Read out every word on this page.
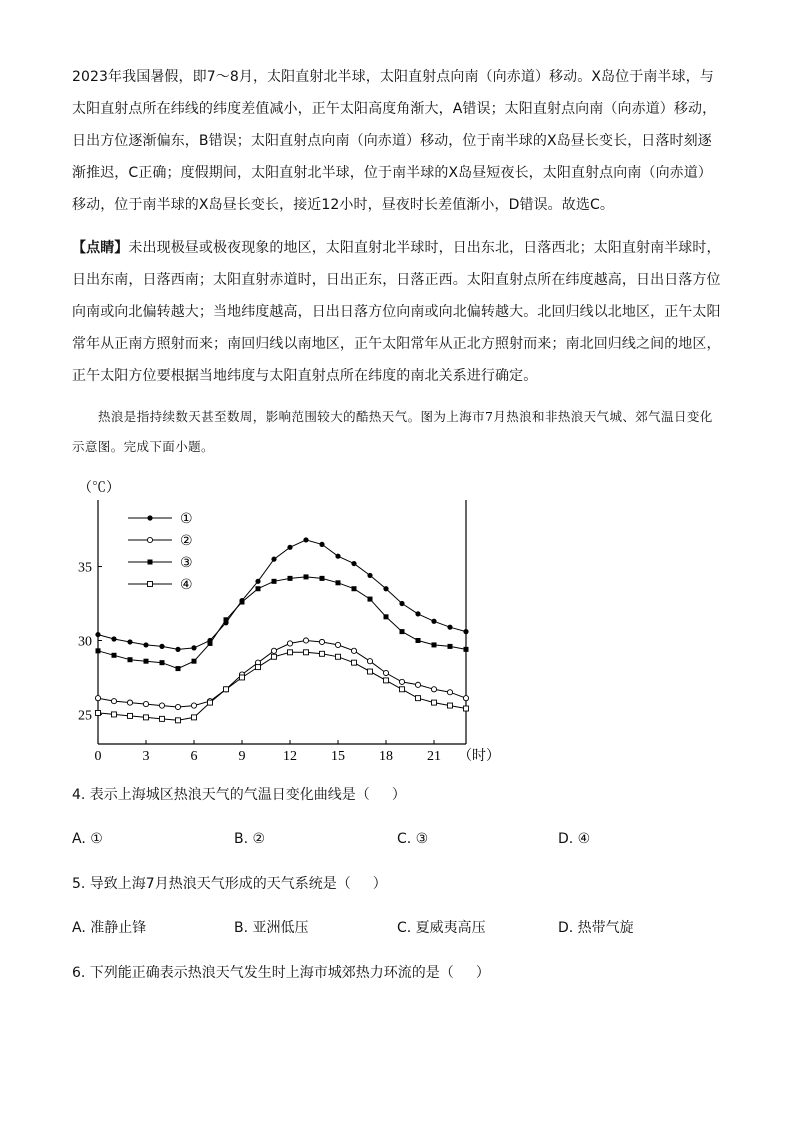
2023年我国暑假，即7～8月，太阳直射北半球，太阳直射点向南（向赤道）移动。X岛位于南半球，与太阳直射点所在纬线的纬度差值减小，正午太阳高度角渐大，A错误；太阳直射点向南（向赤道）移动，日出方位逐渐偏东，B错误；太阳直射点向南（向赤道）移动，位于南半球的X岛昼长变长，日落时刻逐渐推迟，C正确；度假期间，太阳直射北半球，位于南半球的X岛昼短夜长，太阳直射点向南（向赤道）移动，位于南半球的X岛昼长变长，接近12小时，昼夜时长差值渐小，D错误。故选C。
【点睛】未出现极昼或极夜现象的地区，太阳直射北半球时，日出东北，日落西北；太阳直射南半球时，日出东南，日落西南；太阳直射赤道时，日出正东，日落正西。太阳直射点所在纬度越高，日出日落方位向南或向北偏转越大；当地纬度越高，日出日落方位向南或向北偏转越大。北回归线以北地区，正午太阳常年从正南方照射而来；南回归线以南地区，正午太阳常年从正北方照射而来；南北回归线之间的地区，正午太阳方位要根据当地纬度与太阳直射点所在纬度的南北关系进行确定。
热浪是指持续数天甚至数周，影响范围较大的酷热天气。图为上海市7月热浪和非热浪天气城、郊气温日变化示意图。完成下面小题。
25
30
35
0	3	6	9	12 15 18 21
（℃）
（时）
①
②
③
④
4. 表示上海城区热浪天气的气温日变化曲线是（ ）
A. ①	B. ②	C. ③	D. ④
5. 导致上海7月热浪天气形成的天气系统是（ ）
A. 准静止锋	B. 亚洲低压	C. 夏威夷高压	D. 热带气旋
6. 下列能正确表示热浪天气发生时上海市城郊热力环流的是（ ）
